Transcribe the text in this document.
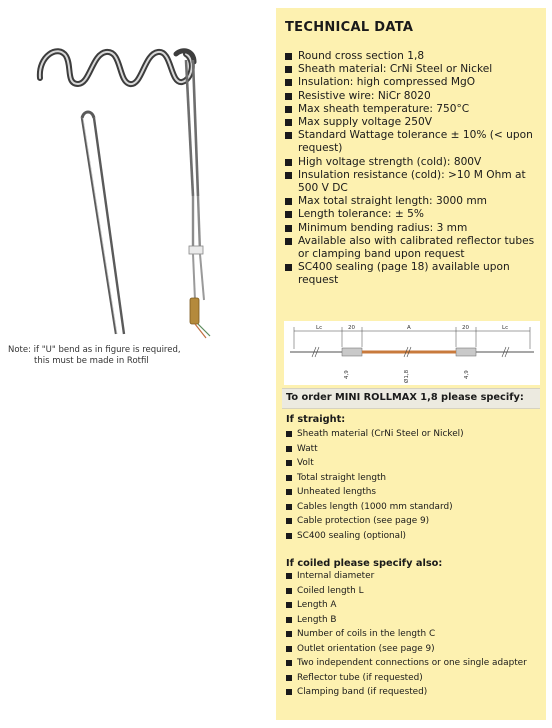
Note: if "U" bend as in figure is required,
this must be made in Rotfil
TECHNICAL DATA
Round cross section 1,8
Sheath material: CrNi Steel or Nickel
Insulation: high compressed MgO
Resistive wire: NiCr 8020
Max sheath temperature: 750°C
Max supply voltage 250V
Standard Wattage tolerance ± 10% (< upon request)
High voltage strength (cold): 800V
Insulation resistance (cold): >10 M Ohm at 500 V DC
Max total straight length: 3000 mm
Length tolerance: ± 5%
Minimum bending radius: 3 mm
Available also with calibrated reflector tubes or clamping band upon request
SC400 sealing (page 18) available upon request
Lc	20	A	20	Lc
4,9	Ø1,8	4,9
To order MINI ROLLMAX 1,8 please specify:
If straight:
Sheath material (CrNi Steel or Nickel)
Watt
Volt
Total straight length
Unheated lengths
Cables length (1000 mm standard)
Cable protection (see page 9)
SC400 sealing (optional)
If coiled please specify also:
Internal diameter
Coiled length L
Length A
Length B
Number of coils in the length C
Outlet orientation (see page 9)
Two independent connections or one single adapter
Reflector tube (if requested)
Clamping band (if requested)
